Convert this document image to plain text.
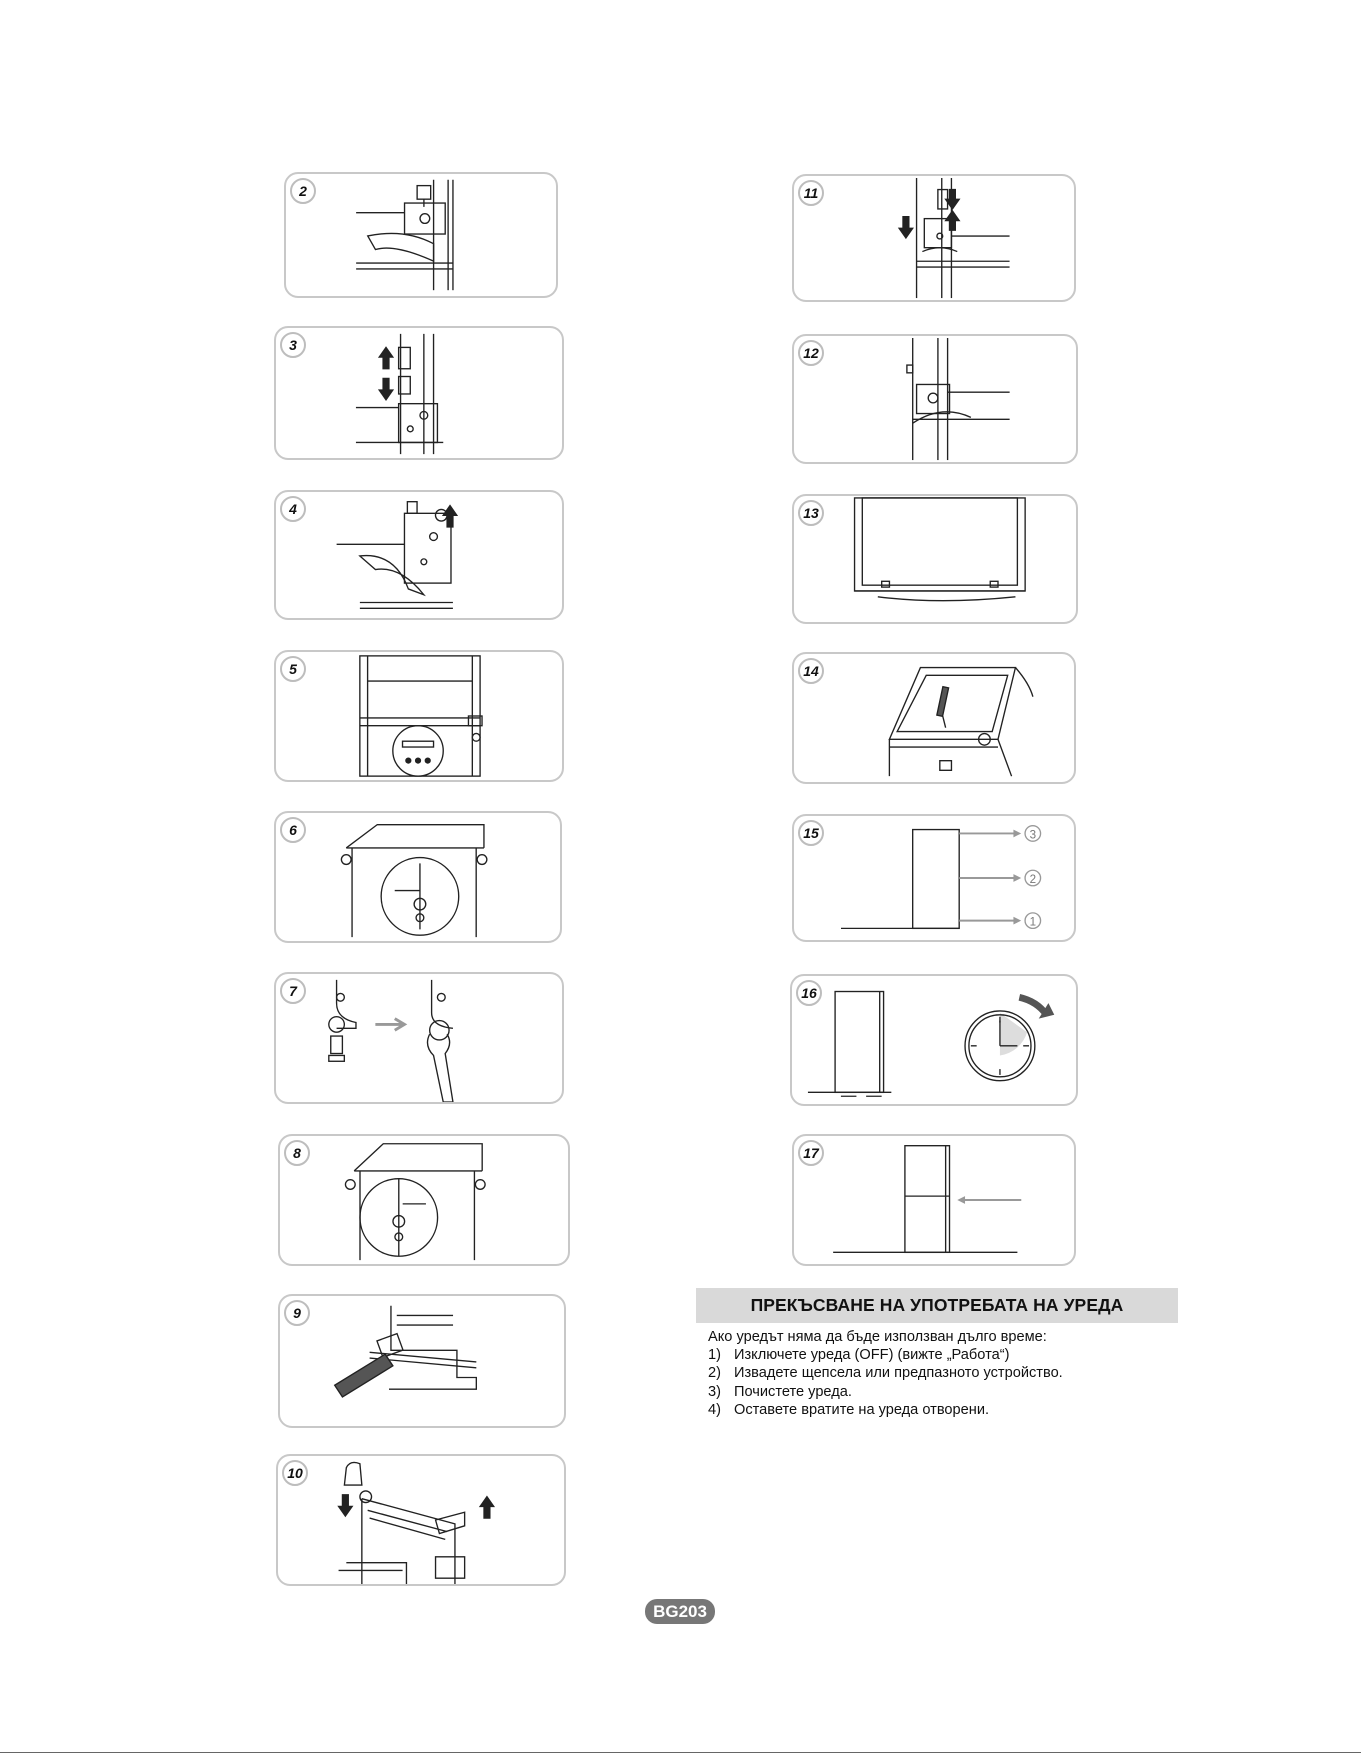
2
3
4
5
6
7
8
9
10
11
12
13
14
15	3
2
1
16
17
ПРЕКЪСВАНЕ НА УПОТРЕБАТА НА УРЕДА
Ако уредът няма да бъде използван дълго време:
1) Изключете уреда (OFF) (вижте „Работа“)
2) Извадете щепсела или предпазното устройство.
3) Почистете уреда.
4) Оставете вратите на уреда отворени.
BG203
